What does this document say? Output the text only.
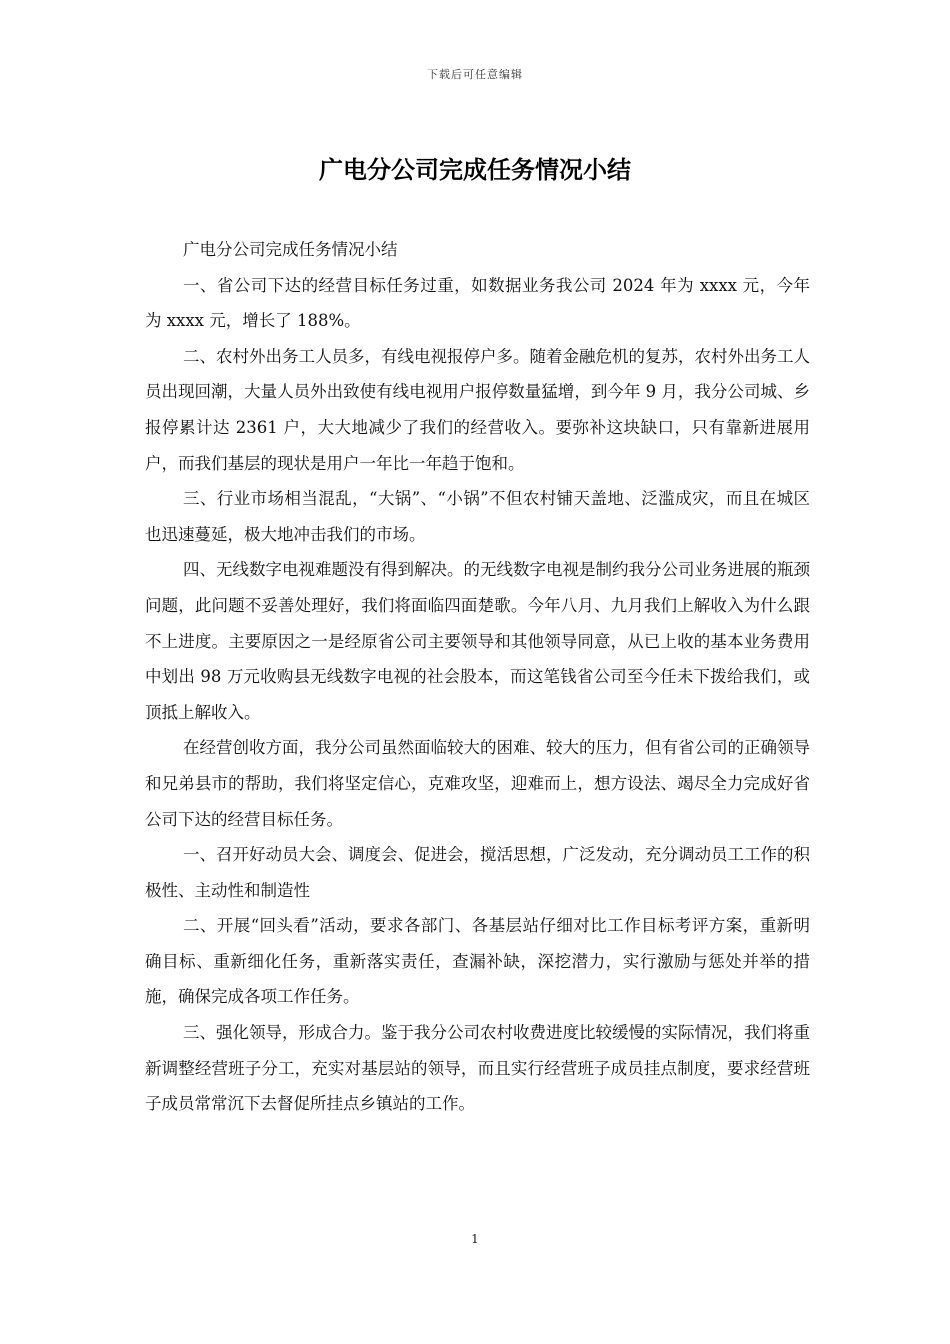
下载后可任意编辑
广电分公司完成任务情况小结

广电分公司完成任务情况小结

一、省公司下达的经营目标任务过重，如数据业务我公司 2024 年为 xxxx 元，今年为 xxxx 元，增长了 188%。

二、农村外出务工人员多，有线电视报停户多。随着金融危机的复苏，农村外出务工人员出现回潮，大量人员外出致使有线电视用户报停数量猛增，到今年 9 月，我分公司城、乡报停累计达 2361 户，大大地减少了我们的经营收入。要弥补这块缺口，只有靠新进展用户，而我们基层的现状是用户一年比一年趋于饱和。

三、行业市场相当混乱，“大锅”、“小锅”不但农村铺天盖地、泛滥成灾，而且在城区也迅速蔓延，极大地冲击我们的市场。

四、无线数字电视难题没有得到解决。的无线数字电视是制约我分公司业务进展的瓶颈问题，此问题不妥善处理好，我们将面临四面楚歌。今年八月、九月我们上解收入为什么跟不上进度。主要原因之一是经原省公司主要领导和其他领导同意，从已上收的基本业务费用中划出 98 万元收购县无线数字电视的社会股本，而这笔钱省公司至今任未下拨给我们，或顶抵上解收入。

在经营创收方面，我分公司虽然面临较大的困难、较大的压力，但有省公司的正确领导和兄弟县市的帮助，我们将坚定信心，克难攻坚，迎难而上，想方设法、竭尽全力完成好省公司下达的经营目标任务。

一、召开好动员大会、调度会、促进会，搅活思想，广泛发动，充分调动员工工作的积极性、主动性和制造性

二、开展“回头看”活动，要求各部门、各基层站仔细对比工作目标考评方案，重新明确目标、重新细化任务，重新落实责任，查漏补缺，深挖潜力，实行激励与惩处并举的措施，确保完成各项工作任务。

三、强化领导，形成合力。鉴于我分公司农村收费进度比较缓慢的实际情况，我们将重新调整经营班子分工，充实对基层站的领导，而且实行经营班子成员挂点制度，要求经营班子成员常常沉下去督促所挂点乡镇站的工作。

1
